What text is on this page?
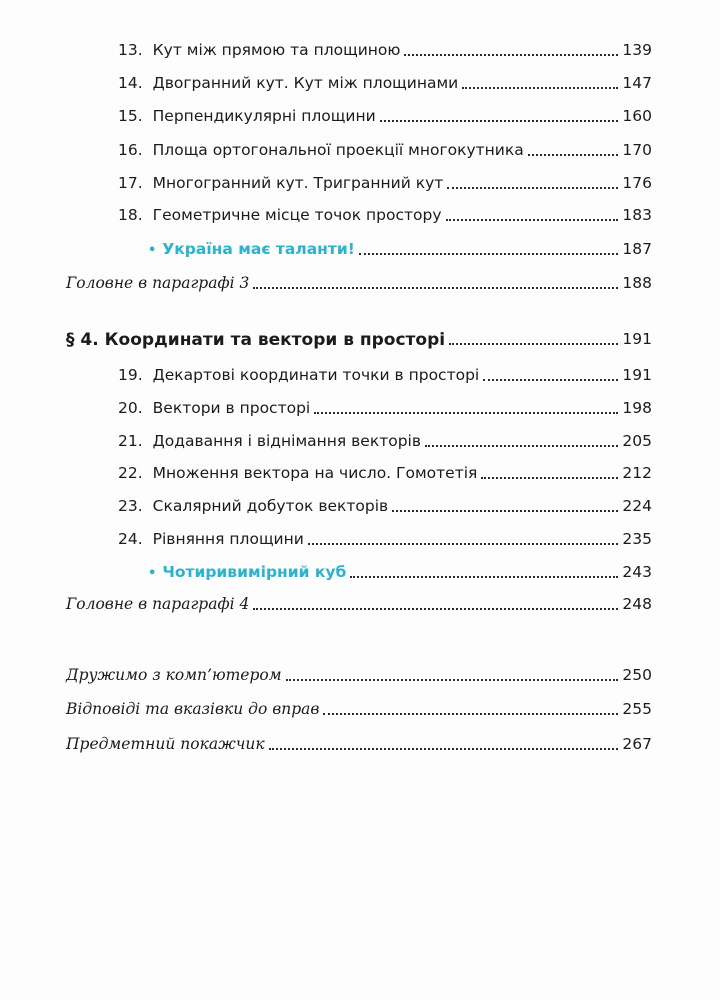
13. Кут між прямою та площиною	139
14. Двогранний кут. Кут між площинами	147
15. Перпендикулярні площини	160
16. Площа ортогональної проекції многокутника	170
17. Многогранний кут. Тригранний кут	176
18. Геометричне місце точок простору	183
• Україна має таланти!	187
Головне в параграфі 3	188
§ 4. Координати та вектори в просторі	191
19. Декартові координати точки в просторі	191
20. Вектори в просторі	198
21. Додавання і віднімання векторів	205
22. Множення вектора на число. Гомотетія	212
23. Скалярний добуток векторів	224
24. Рівняння площини	235
• Чотиривимірний куб	243
Головне в параграфі 4	248
Дружимо з комп’ютером	250
Відповіді та вказівки до вправ	255
Предметний покажчик	267
